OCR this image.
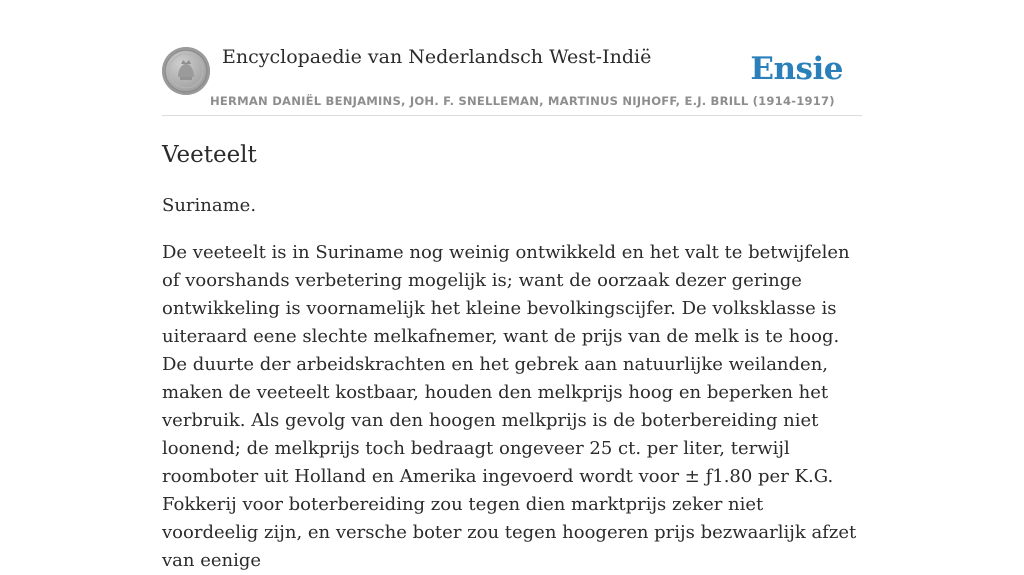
Encyclopaedie van Nederlandsch West-Indië	Ensie
HERMAN DANIËL BENJAMINS, JOH. F. SNELLEMAN, MARTINUS NIJHOFF, E.J. BRILL (1914-1917)
Veeteelt

Suriname.

De veeteelt is in Suriname nog weinig ontwikkeld en het valt te betwijfelen of voorshands verbetering mogelijk is; want de oorzaak dezer geringe ontwikkeling is voornamelijk het kleine bevolkingscijfer. De volksklasse is uiteraard eene slechte melkafnemer, want de prijs van de melk is te hoog. De duurte der arbeidskrachten en het gebrek aan natuurlijke weilanden, maken de veeteelt kostbaar, houden den melkprijs hoog en beperken het verbruik. Als gevolg van den hoogen melkprijs is de boterbereiding niet loonend; de melkprijs toch bedraagt ongeveer 25 ct. per liter, terwijl roomboter uit Holland en Amerika ingevoerd wordt voor ± ƒ1.80 per K.G. Fokkerij voor boterbereiding zou tegen dien marktprijs zeker niet voordeelig zijn, en versche boter zou tegen hoogeren prijs bezwaarlijk afzet van eenige
